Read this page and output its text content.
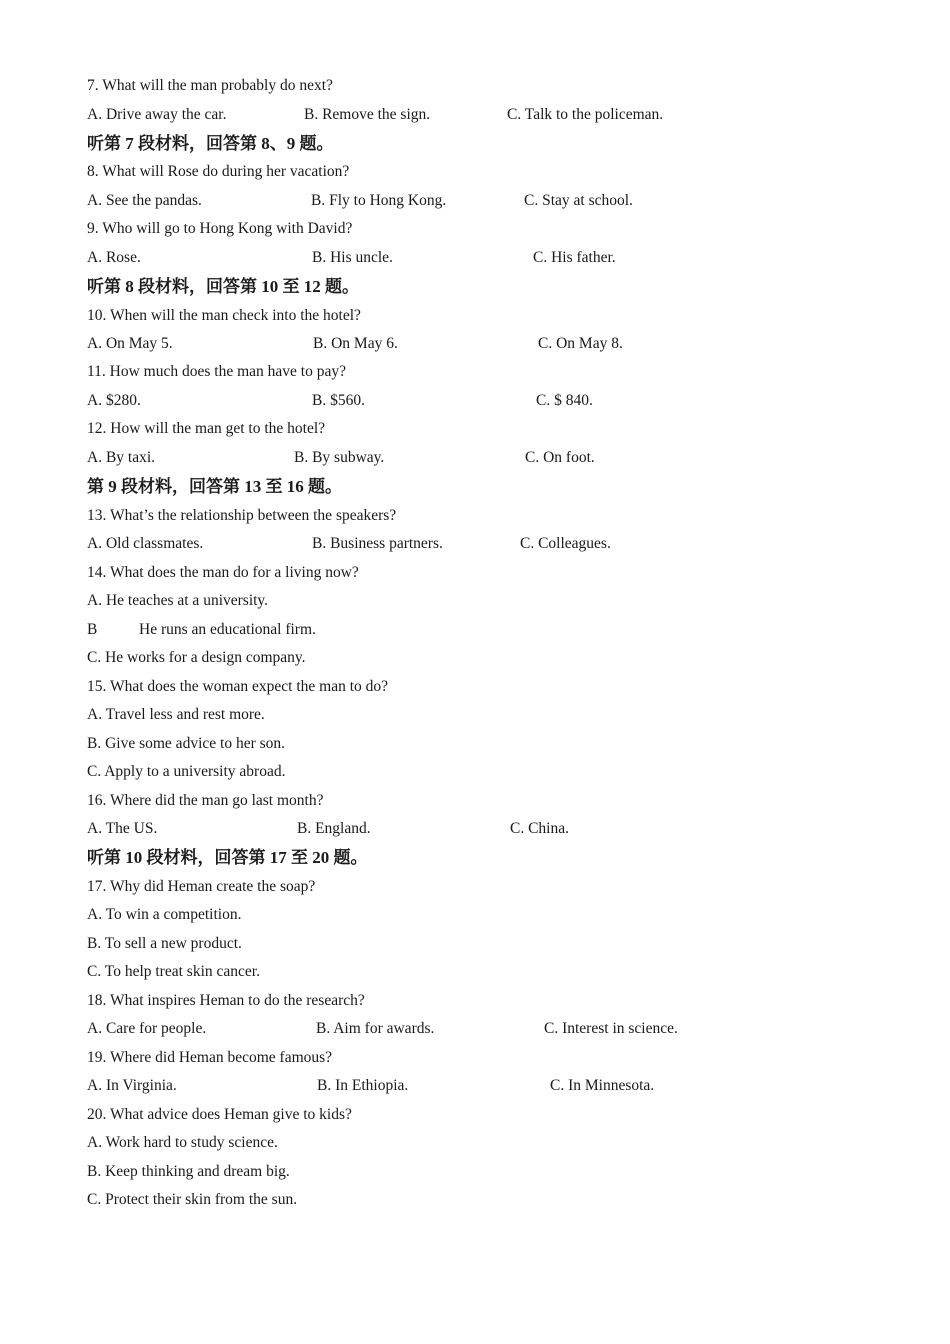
7. What will the man probably do next?
A. Drive away the car.	B. Remove the sign.	C. Talk to the policeman.
听第 7 段材料，回答第 8、9 题。
8. What will Rose do during her vacation?
A. See the pandas.	B. Fly to Hong Kong.	C. Stay at school.
9. Who will go to Hong Kong with David?
A. Rose.	B. His uncle.	C. His father.
听第 8 段材料，回答第 10 至 12 题。
10. When will the man check into the hotel?
A. On May 5.	B. On May 6.	C. On May 8.
11. How much does the man have to pay?
A. $280.	B. $560.	C. $ 840.
12. How will the man get to the hotel?
A. By taxi.	B. By subway.	C. On foot.
第 9 段材料，回答第 13 至 16 题。
13. What’s the relationship between the speakers?
A. Old classmates.	B. Business partners.	C. Colleagues.
14. What does the man do for a living now?
A. He teaches at a university.
B	He runs an educational firm.
C. He works for a design company.
15. What does the woman expect the man to do?
A. Travel less and rest more.
B. Give some advice to her son.
C. Apply to a university abroad.
16. Where did the man go last month?
A. The US.	B. England.	C. China.
听第 10 段材料，回答第 17 至 20 题。
17. Why did Heman create the soap?
A. To win a competition.
B. To sell a new product.
C. To help treat skin cancer.
18. What inspires Heman to do the research?
A. Care for people.	B. Aim for awards.	C. Interest in science.
19. Where did Heman become famous?
A. In Virginia.	B. In Ethiopia.	C. In Minnesota.
20. What advice does Heman give to kids?
A. Work hard to study science.
B. Keep thinking and dream big.
C. Protect their skin from the sun.
